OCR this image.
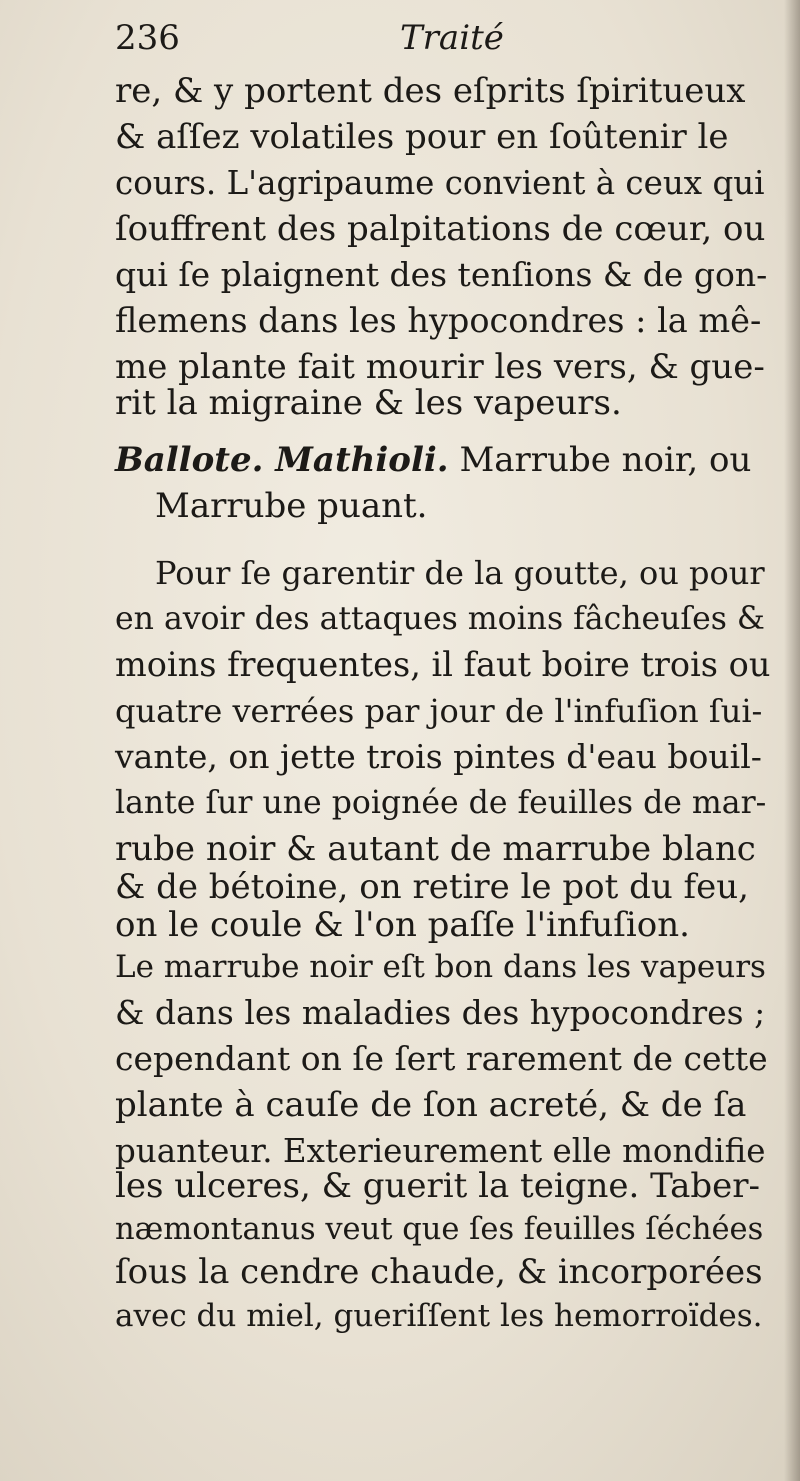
236	Traité
re, & y portent des eſprits ſpiritueux
& aſſez volatiles pour en ſoûtenir le
cours. L'agripaume convient à ceux qui
ſouffrent des palpitations de cœur, ou
qui ſe plaignent des tenſions & de gon-
flemens dans les hypocondres : la mê-
me plante fait mourir les vers, & gue-
rit la migraine & les vapeurs.
Ballote. Mathioli. Marrube noir, ou
Marrube puant.
Pour ſe garentir de la goutte, ou pour
en avoir des attaques moins fâcheuſes &
moins frequentes, il faut boire trois ou
quatre verrées par jour de l'infuſion ſui-
vante, on jette trois pintes d'eau bouil-
lante ſur une poignée de feuilles de mar-
rube noir & autant de marrube blanc
& de bétoine, on retire le pot du feu,
on le coule & l'on paſſe l'infuſion.
Le marrube noir eſt bon dans les vapeurs
& dans les maladies des hypocondres ;
cependant on ſe ſert rarement de cette
plante à cauſe de ſon acreté, & de ſa
puanteur. Exterieurement elle mondifie
les ulceres, & guerit la teigne. Taber-
næmontanus veut que ſes feuilles ſéchées
ſous la cendre chaude, & incorporées
avec du miel, gueriſſent les hemorroïdes.
